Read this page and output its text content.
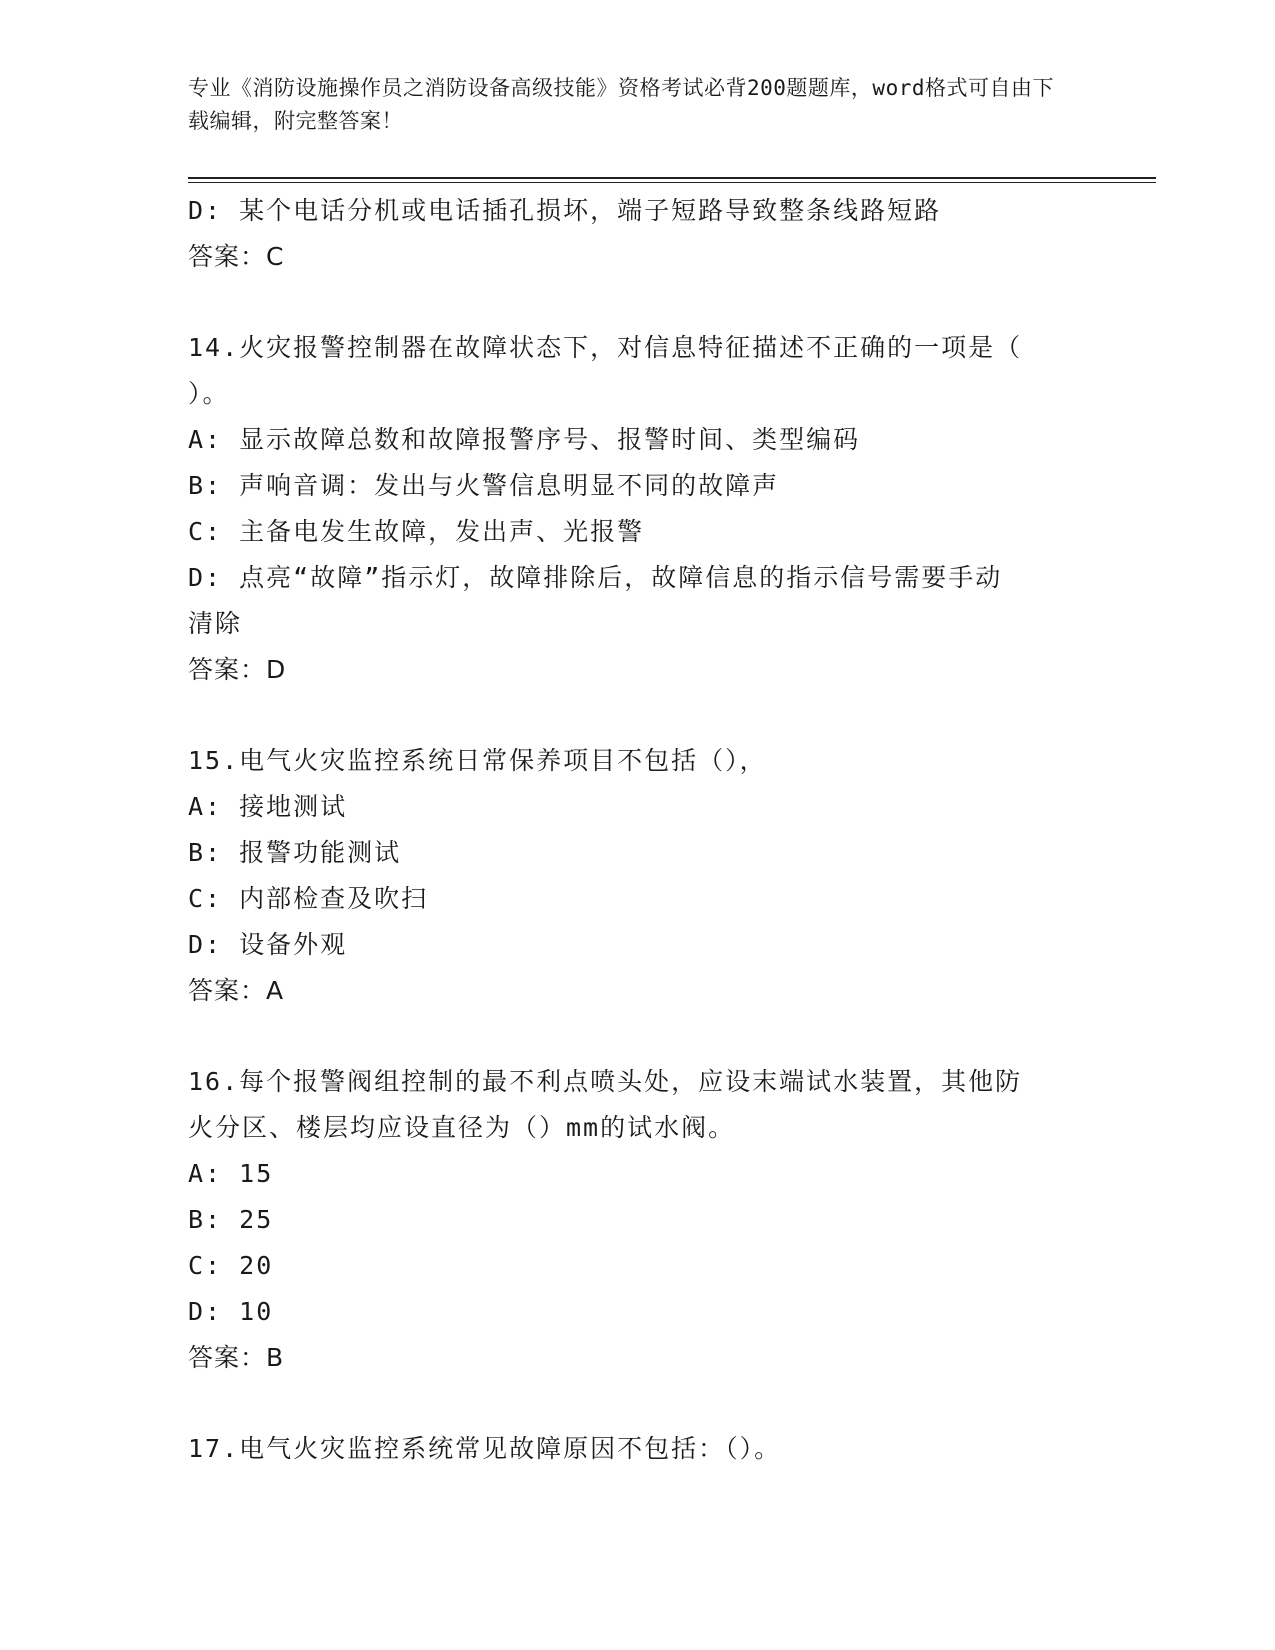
专业《消防设施操作员之消防设备高级技能》资格考试必背200题题库，word格式可自由下载编辑，附完整答案！
D: 某个电话分机或电话插孔损坏，端子短路导致整条线路短路
答案：C
14.火灾报警控制器在故障状态下，对信息特征描述不正确的一项是（
）。
A: 显示故障总数和故障报警序号、报警时间、类型编码
B: 声响音调：发出与火警信息明显不同的故障声
C: 主备电发生故障，发出声、光报警
D: 点亮“故障”指示灯，故障排除后，故障信息的指示信号需要手动
清除
答案：D
15.电气火灾监控系统日常保养项目不包括（），
A: 接地测试
B: 报警功能测试
C: 内部检查及吹扫
D: 设备外观
答案：A
16.每个报警阀组控制的最不利点喷头处，应设末端试水装置，其他防
火分区、楼层均应设直径为（）mm的试水阀。
A: 15
B: 25
C: 20
D: 10
答案：B
17.电气火灾监控系统常见故障原因不包括：（）。
